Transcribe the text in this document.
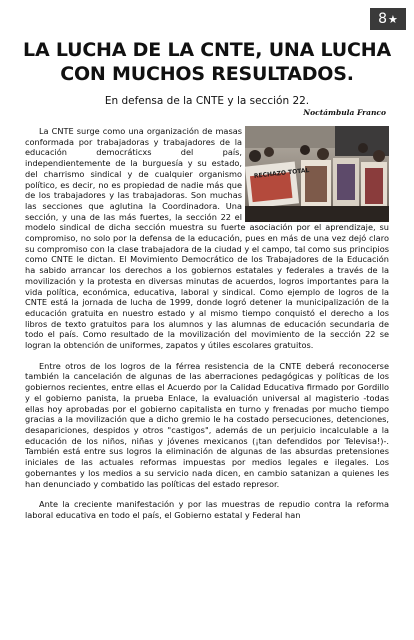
8★
LA LUCHA DE LA CNTE, UNA LUCHA
CON MUCHOS RESULTADOS.
En defensa de la CNTE y la sección 22.
Noctámbula Franco
RECHAZO TOTAL

La CNTE surge como una organización de masas conformada por trabajadoras y trabajadores de la educación democráticxs del país, independientemente de la burguesía y su estado, del charrismo sindical y de cualquier organismo político, es decir, no es propiedad de nadie más que de los trabajadores y las trabajadoras. Son muchas las secciones que aglutina la Coordinadora. Una sección, y una de las más fuertes, la sección 22 el modelo sindical de dicha sección muestra su fuerte asociación por el aprendizaje, su compromiso, no solo por la defensa de la educación, pues en más de una vez dejó claro su compromiso con la clase trabajadora de la ciudad y el campo, tal como sus principios como CNTE le dictan. El Movimiento Democrático de los Trabajadores de la Educación ha sabido arrancar los derechos a los gobiernos estatales y federales a través de la movilización y la protesta en diversas minutas de acuerdos, logros importantes para la vida política, económica, educativa, laboral y sindical. Como ejemplo de logros de la CNTE está la jornada de lucha de 1999, donde logró detener la municipalización de la educación gratuita en nuestro estado y al mismo tiempo conquistó el derecho a los libros de texto gratuitos para los alumnos y las alumnas de educación secundaria de todo el país. Como resultado de la movilización del movimiento de la sección 22 se logran la obtención de uniformes, zapatos y útiles escolares gratuitos.

Entre otros de los logros de la férrea resistencia de la CNTE deberá reconocerse también la cancelación de algunas de las aberraciones pedagógicas y políticas de los gobiernos recientes, entre ellas el Acuerdo por la Calidad Educativa firmado por Gordillo y el gobierno panista, la prueba Enlace, la evaluación universal al magisterio -todas ellas hoy aprobadas por el gobierno capitalista en turno y frenadas por mucho tiempo gracias a la movilización que a dicho gremio le ha costado persecuciones, detenciones, desapariciones, despidos y otros "castigos", además de un perjuicio incalculable a la educación de los niños, niñas y jóvenes mexicanos (¡tan defendidos por Televisa!)-. También está entre sus logros la eliminación de algunas de las absurdas pretensiones iniciales de las actuales reformas impuestas por medios legales e ilegales. Los gobernantes y los medios a su servicio nada dicen, en cambio satanizan a quienes les han denunciado y combatido las políticas del estado represor.

Ante la creciente manifestación y por las muestras de repudio contra la reforma laboral educativa en todo el país, el Gobierno estatal y Federal han
